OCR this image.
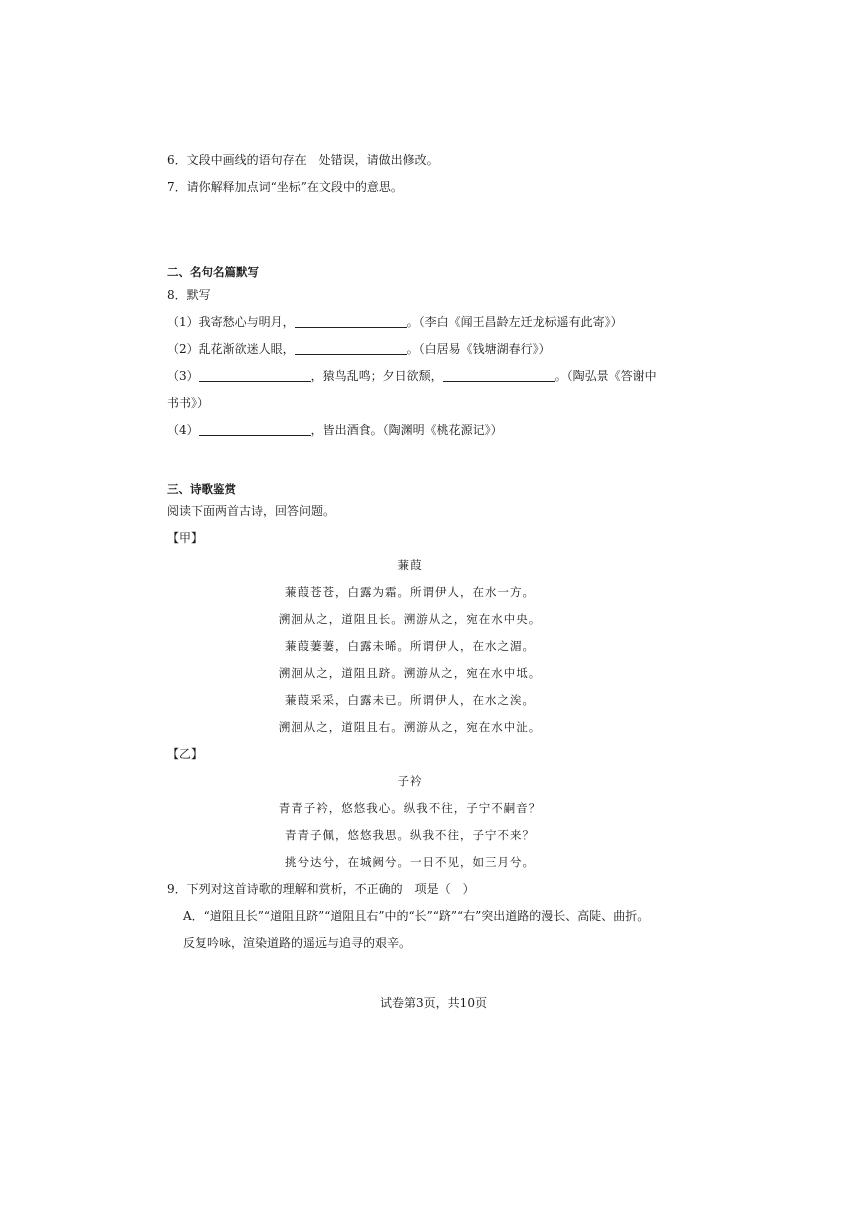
6．文段中画线的语句存在　处错误，请做出修改。
7．请你解释加点词“坐标”在文段中的意思。
二、名句名篇默写
8．默写
（1）我寄愁心与明月，	。（李白《闻王昌龄左迁龙标遥有此寄》）
（2）乱花渐欲迷人眼，	。（白居易《钱塘湖春行》）
（3）	，猿鸟乱鸣；夕日欲颓，	。（陶弘景《答谢中
书书》）
（4）	，皆出酒食。（陶渊明《桃花源记》）
三、诗歌鉴赏
阅读下面两首古诗，回答问题。
【甲】
蒹葭
蒹葭苍苍，白露为霜。所谓伊人，在水一方。
溯洄从之，道阻且长。溯游从之，宛在水中央。
蒹葭萋萋，白露未晞。所谓伊人，在水之湄。
溯洄从之，道阻且跻。溯游从之，宛在水中坻。
蒹葭采采，白露未已。所谓伊人，在水之涘。
溯洄从之，道阻且右。溯游从之，宛在水中沚。
【乙】
子衿
青青子衿，悠悠我心。纵我不往，子宁不嗣音？
青青子佩，悠悠我思。纵我不往，子宁不来？
挑兮达兮，在城阙兮。一日不见，如三月兮。
9．下列对这首诗歌的理解和赏析，不正确的　项是（　）
A．“道阻且长”“道阻且跻”“道阻且右”中的“长”“跻”“右”突出道路的漫长、高陡、曲折。
反复吟咏，渲染道路的遥远与追寻的艰辛。
试卷第3页，共10页
